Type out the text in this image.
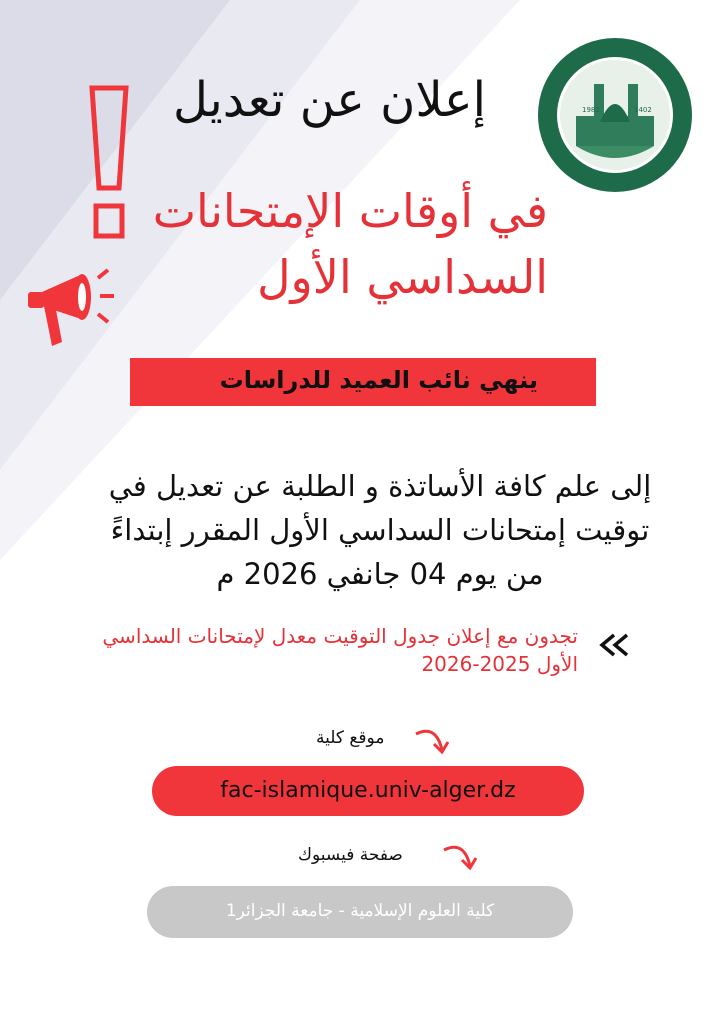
1982	1402
إعلان عن تعديل
في أوقات الإمتحانات
السداسي الأول
ينهي نائب العميد للدراسات
إلى علم كافة الأساتذة و الطلبة عن تعديل في
توقيت إمتحانات السداسي الأول المقرر إبتداءً
من يوم 04 جانفي 2026 م
تجدون مع إعلان جدول التوقيت معدل لإمتحانات السداسي
الأول 2025-2026
موقع كلية
fac-islamique.univ-alger.dz
صفحة فيسبوك
كلية العلوم الإسلامية - جامعة الجزائر1
